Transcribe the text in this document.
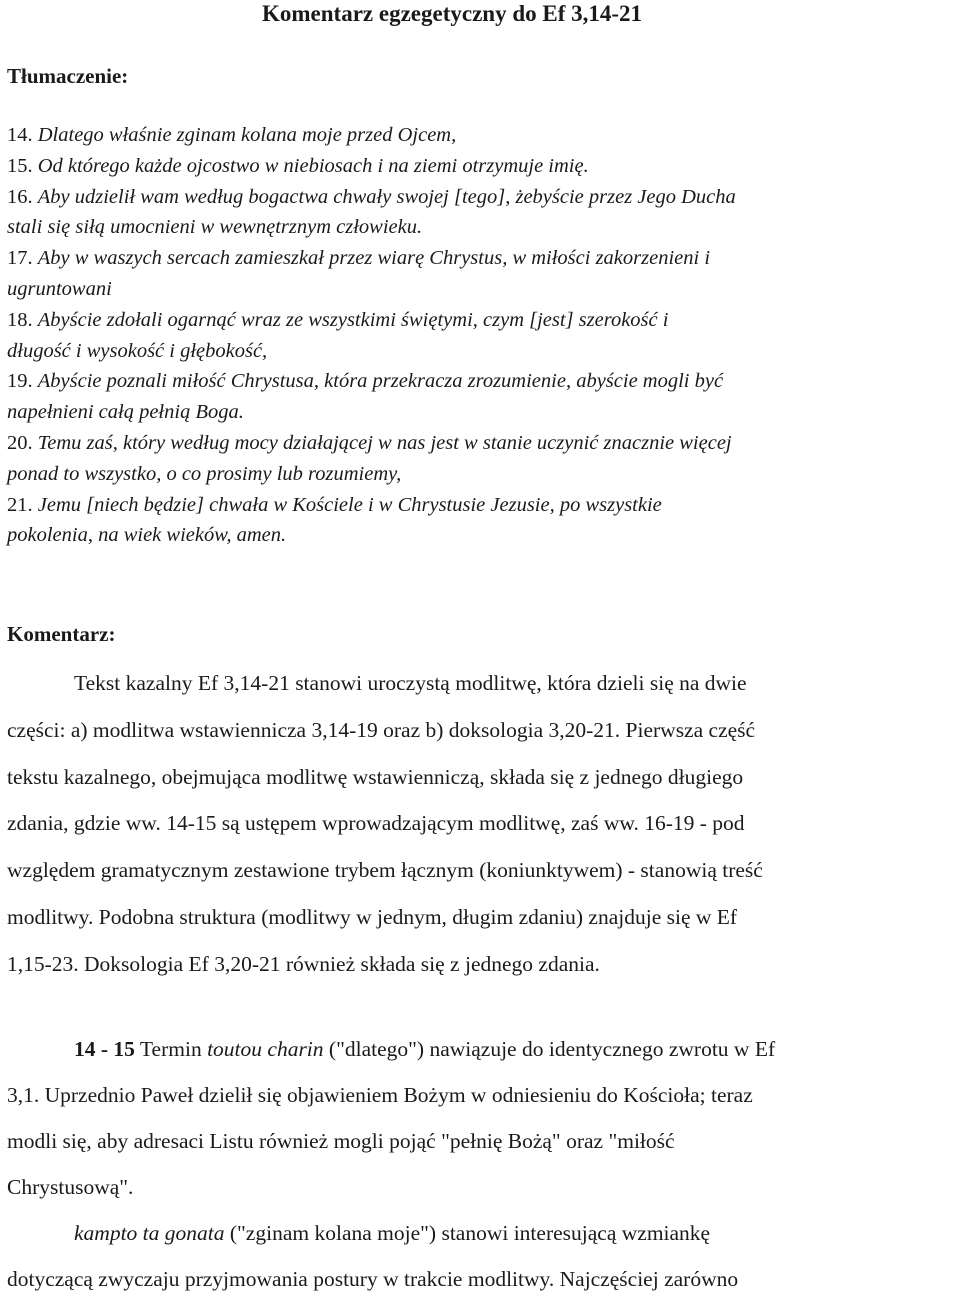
Komentarz egzegetyczny do Ef 3,14-21
Tłumaczenie:

14. Dlatego właśnie zginam kolana moje przed Ojcem,

15. Od którego każde ojcostwo w niebiosach i na ziemi otrzymuje imię.

16. Aby udzielił wam według bogactwa chwały swojej [tego], żebyście przez Jego Ducha

stali się siłą umocnieni w wewnętrznym człowieku.

17. Aby w waszych sercach zamieszkał przez wiarę Chrystus, w miłości zakorzenieni i

ugruntowani

18. Abyście zdołali ogarnąć wraz ze wszystkimi świętymi, czym [jest] szerokość i

długość i wysokość i głębokość,

19. Abyście poznali miłość Chrystusa, która przekracza zrozumienie, abyście mogli być

napełnieni całą pełnią Boga.

20. Temu zaś, który według mocy działającej w nas jest w stanie uczynić znacznie więcej

ponad to wszystko, o co prosimy lub rozumiemy,

21. Jemu [niech będzie] chwała w Kościele i w Chrystusie Jezusie, po wszystkie

pokolenia, na wiek wieków, amen.

Komentarz:
Tekst kazalny Ef 3,14-21 stanowi uroczystą modlitwę, która dzieli się na dwie
części: a) modlitwa wstawiennicza 3,14-19 oraz b) doksologia 3,20-21. Pierwsza część
tekstu kazalnego, obejmująca modlitwę wstawienniczą, składa się z jednego długiego
zdania, gdzie ww. 14-15 są ustępem wprowadzającym modlitwę, zaś ww. 16-19 - pod
względem gramatycznym zestawione trybem łącznym (koniunktywem) - stanowią treść
modlitwy. Podobna struktura (modlitwy w jednym, długim zdaniu) znajduje się w Ef
1,15-23. Doksologia Ef 3,20-21 również składa się z jednego zdania.
14 - 15 Termin toutou charin ("dlatego") nawiązuje do identycznego zwrotu w Ef
3,1. Uprzednio Paweł dzielił się objawieniem Bożym w odniesieniu do Kościoła; teraz
modli się, aby adresaci Listu również mogli pojąć "pełnię Bożą" oraz "miłość
Chrystusową".
kampto ta gonata ("zginam kolana moje") stanowi interesującą wzmiankę
dotyczącą zwyczaju przyjmowania postury w trakcie modlitwy. Najczęściej zarówno
